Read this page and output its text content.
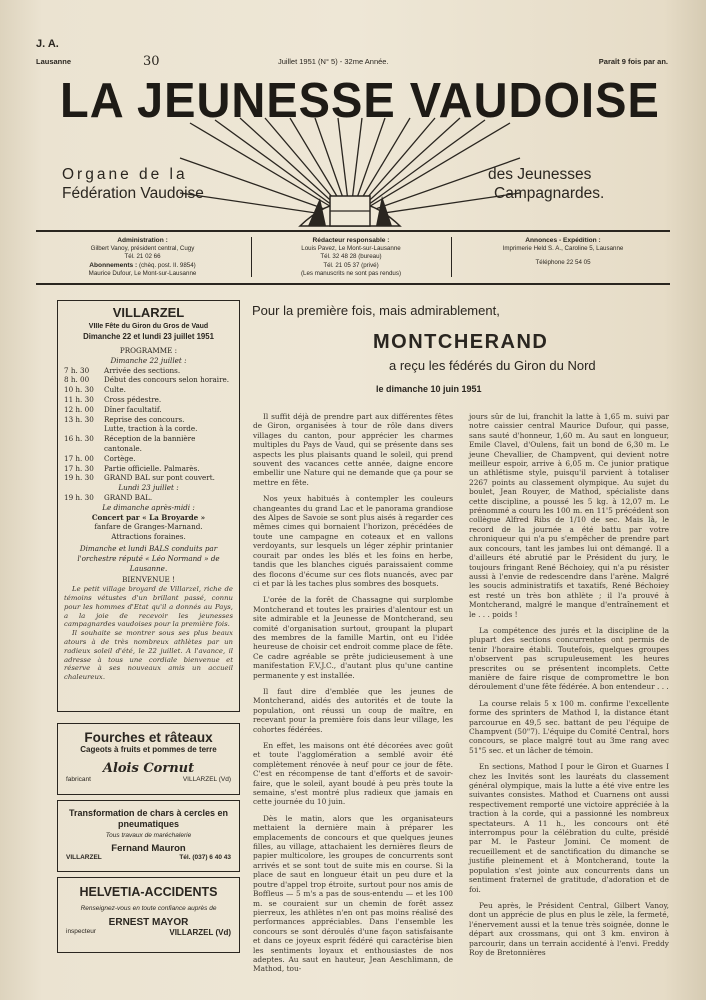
J. A.
Lausanne	30	Juillet 1951 (N° 5) - 32me Année.	Paraît 9 fois par an.
LA JEUNESSE VAUDOISE
Organe de la
Fédération Vaudoise
des Jeunesses
Campagnardes.
Administration :
Gilbert Vanoy, président central, Cugy
Tél. 21 02 66
Abonnements : (chèq. post. II. 9854)
Maurice Dufour, Le Mont-sur-Lausanne
Rédacteur responsable :
Louis Pavez, Le Mont-sur-Lausanne
Tél. 32 48 28 (bureau)
Tél. 21 05 37 (privé)
(Les manuscrits ne sont pas rendus)
Annonces - Expédition :
Imprimerie Held S. A., Caroline 5, Lausanne
Téléphone 22 54 05
VILLARZEL
VIIIe Fête du Giron du Gros de Vaud
Dimanche 22 et lundi 23 juillet 1951
PROGRAMME :
Dimanche 22 juillet :
7 h. 30	Arrivée des sections.
8 h. 00	Début des concours selon horaire.
10 h. 30	Culte.
11 h. 30	Cross pédestre.
12 h. 00	Dîner facultatif.
13 h. 30	Reprise des concours.
Lutte, traction à la corde.
16 h. 30	Réception de la bannière cantonale.
17 h. 00	Cortège.
17 h. 30	Partie officielle. Palmarès.
19 h. 30	GRAND BAL sur pont couvert.
Lundi 23 juillet :
19 h. 30	GRAND BAL.
Le dimanche après-midi :
Concert par « La Broyarde »
fanfare de Granges-Marnand.
Attractions foraines.
Dimanche et lundi BALS conduits par l'orchestre réputé « Léo Normand » de Lausanne.
BIENVENUE !
Le petit village broyard de Villarzel, riche de témoins vétustes d'un brillant passé, connu pour les hommes d'Etat qu'il a donnés au Pays, a la joie de recevoir les jeunesses campagnardes vaudoises pour la première fois.
Il souhaite se montrer sous ses plus beaux atours à de très nombreux athlètes par un radieux soleil d'été, le 22 juillet. A l'avance, il adresse à tous une cordiale bienvenue et réserve à ses nouveaux amis un accueil chaleureux.
Fourches et râteaux
Cageots à fruits et pommes de terre
Alois Cornut
fabricant	VILLARZEL (Vd)
Transformation de chars à cercles en pneumatiques
Tous travaux de maréchalerie
Fernand Mauron
VILLARZEL	Tél. (037) 6 40 43
HELVETIA-ACCIDENTS
Renseignez-vous en toute confiance auprès de
ERNEST MAYOR
inspecteur	VILLARZEL (Vd)
Pour la première fois, mais admirablement,
MONTCHERAND
a reçu les fédérés du Giron du Nord
le dimanche 10 juin 1951

Il suffit déjà de prendre part aux différentes fêtes de Giron, organisées à tour de rôle dans divers villages du canton, pour apprécier les charmes multiples du Pays de Vaud, qui se présente dans ses aspects les plus plaisants quand le soleil, qui prend souvent des vacances cette année, daigne encore embellir une Nature qui ne demande que ça pour se mettre en fête.

Nos yeux habitués à contempler les couleurs changeantes du grand Lac et le panorama grandiose des Alpes de Savoie se sont plus aisés à regarder ces mêmes cimes qui bornaient l'horizon, précédées de toute une campagne en coteaux et en vallons verdoyants, sur lesquels un léger zéphir printanier courait par ondes les blés et les foins en herbe, tandis que les blanches cigués paraissaient comme des flocons d'écume sur ces flots nuancés, avec par ci et par là les taches plus sombres des bosquets.

L'orée de la forêt de Chassagne qui surplombe Montcherand et toutes les prairies d'alentour est un site admirable et la Jeunesse de Montcherand, seu comité d'organisation surtout, groupant la plupart des membres de la famille Martin, ont eu l'idée heureuse de choisir cet endroit comme place de fête. Ce cadre agréable se prête judicieusement à une manifestation F.V.J.C., d'autant plus qu'une cantine permanente y est installée.

Il faut dire d'emblée que les jeunes de Montcherand, aidés des autorités et de toute la population, ont réussi un coup de maître, en recevant pour la première fois dans leur village, les cohortes fédérées.

En effet, les maisons ont été décorées avec goût et toute l'agglomération a semblé avoir été complètement rénovée à neuf pour ce jour de fête. C'est en récompense de tant d'efforts et de savoir-faire, que le soleil, ayant boudé à peu près toute la semaine, s'est montré plus radieux que jamais en cette journée du 10 juin.

Dès le matin, alors que les organisateurs mettaient la dernière main à préparer les emplacements de concours et que quelques jeunes filles, au village, attachaient les dernières fleurs de papier multicolore, les groupes de concurrents sont arrivés et se sont tout de suite mis en course. Si la place de saut en longueur était un peu dure et la poutre d'appel trop étroite, surtout pour nos amis de Boffleus — 5 m's a pas de sous-entendu — et les 100 m. se couraient sur un chemin de forêt assez pierreux, les athlètes n'en ont pas moins réalisé des performances appréciables. Dans l'ensemble les concours se sont déroulés d'une façon satisfaisante et dans ce joyeux esprit fédéré qui caractérise bien les sentiments loyaux et enthousiastes de nos adeptes. Au saut en hauteur, Jean Aeschlimann, de Mathod, tou-

jours sûr de lui, franchit la latte à 1,65 m. suivi par notre caissier central Maurice Dufour, qui passe, sans sauté d'honneur, 1,60 m. Au saut en longueur, Emile Clavel, d'Oulens, fait un bond de 6,30 m. Le jeune Chevallier, de Champvent, qui devient notre meilleur espoir, arrive à 6,05 m. Ce junior pratique un athlétisme style, puisqu'il parvient à totaliser 2267 points au classement olympique. Au sujet du boulet, Jean Rouyer, de Mathod, spécialiste dans cette discipline, a poussé les 5 kg. à 12,07 m. Le prénommé a couru les 100 m. en 11'5 précédent son collègue Alfred Ribs de 1/10 de sec. Mais là, le record de la journée a été battu par votre chroniqueur qui n'a pu s'empêcher de prendre part aux concours, tant les jambes lui ont démangé. Il a d'ailleurs été abrutié par le Président du jury, le toujours fringant René Béchoiey, qui n'a pu résister aussi à l'envie de redescendre dans l'arène. Malgré les soucis administratifs et taxatifs, René Béchoiey est resté un très bon athlète ; il l'a prouvé à Montcherand, malgré le manque d'entraînement et le . . . poids !

La compétence des jurés et la discipline de la plupart des sections concurrentes ont permis de tenir l'horaire établi. Toutefois, quelques groupes n'observent pas scrupuleusement les heures prescrites ou se présentent incomplets. Cette manière de faire risque de compromettre le bon déroulement d'une fête fédérée. A bon entendeur . . .

La course relais 5 x 100 m. confirme l'excellente forme des sprinters de Mathod I, la distance étant parcourue en 49,5 sec. battant de peu l'équipe de Champvent (50"7). L'équipe du Comité Central, hors concours, se place malgré tout au 3me rang avec 51"5 sec. et un lâcher de témoin.

En sections, Mathod I pour le Giron et Guarnes I chez les Invités sont les lauréats du classement général olympique, mais la lutte a été vive entre les suivantes consistes. Mathod et Cuarnens ont aussi respectivement remporté une victoire appréciée à la traction à la corde, qui a passionné les nombreux spectateurs. A 11 h., les concours ont été interrompus pour la célébration du culte, présidé par M. le Pasteur Jomini. Ce moment de recueillement et de sanctification du dimanche se justifie pleinement et à Montcherand, toute la population s'est jointe aux concurrents dans un sentiment fraternel de gratitude, d'adoration et de foi.

Peu après, le Président Central, Gilbert Vanoy, dont un apprécie de plus en plus le zèle, la fermeté, l'énervement aussi et la tenue très soignée, donne le départ aux crossmans, qui ont 3 km. environ à parcourir, dans un terrain accidenté à l'envi. Freddy Roy de Bretonnières
